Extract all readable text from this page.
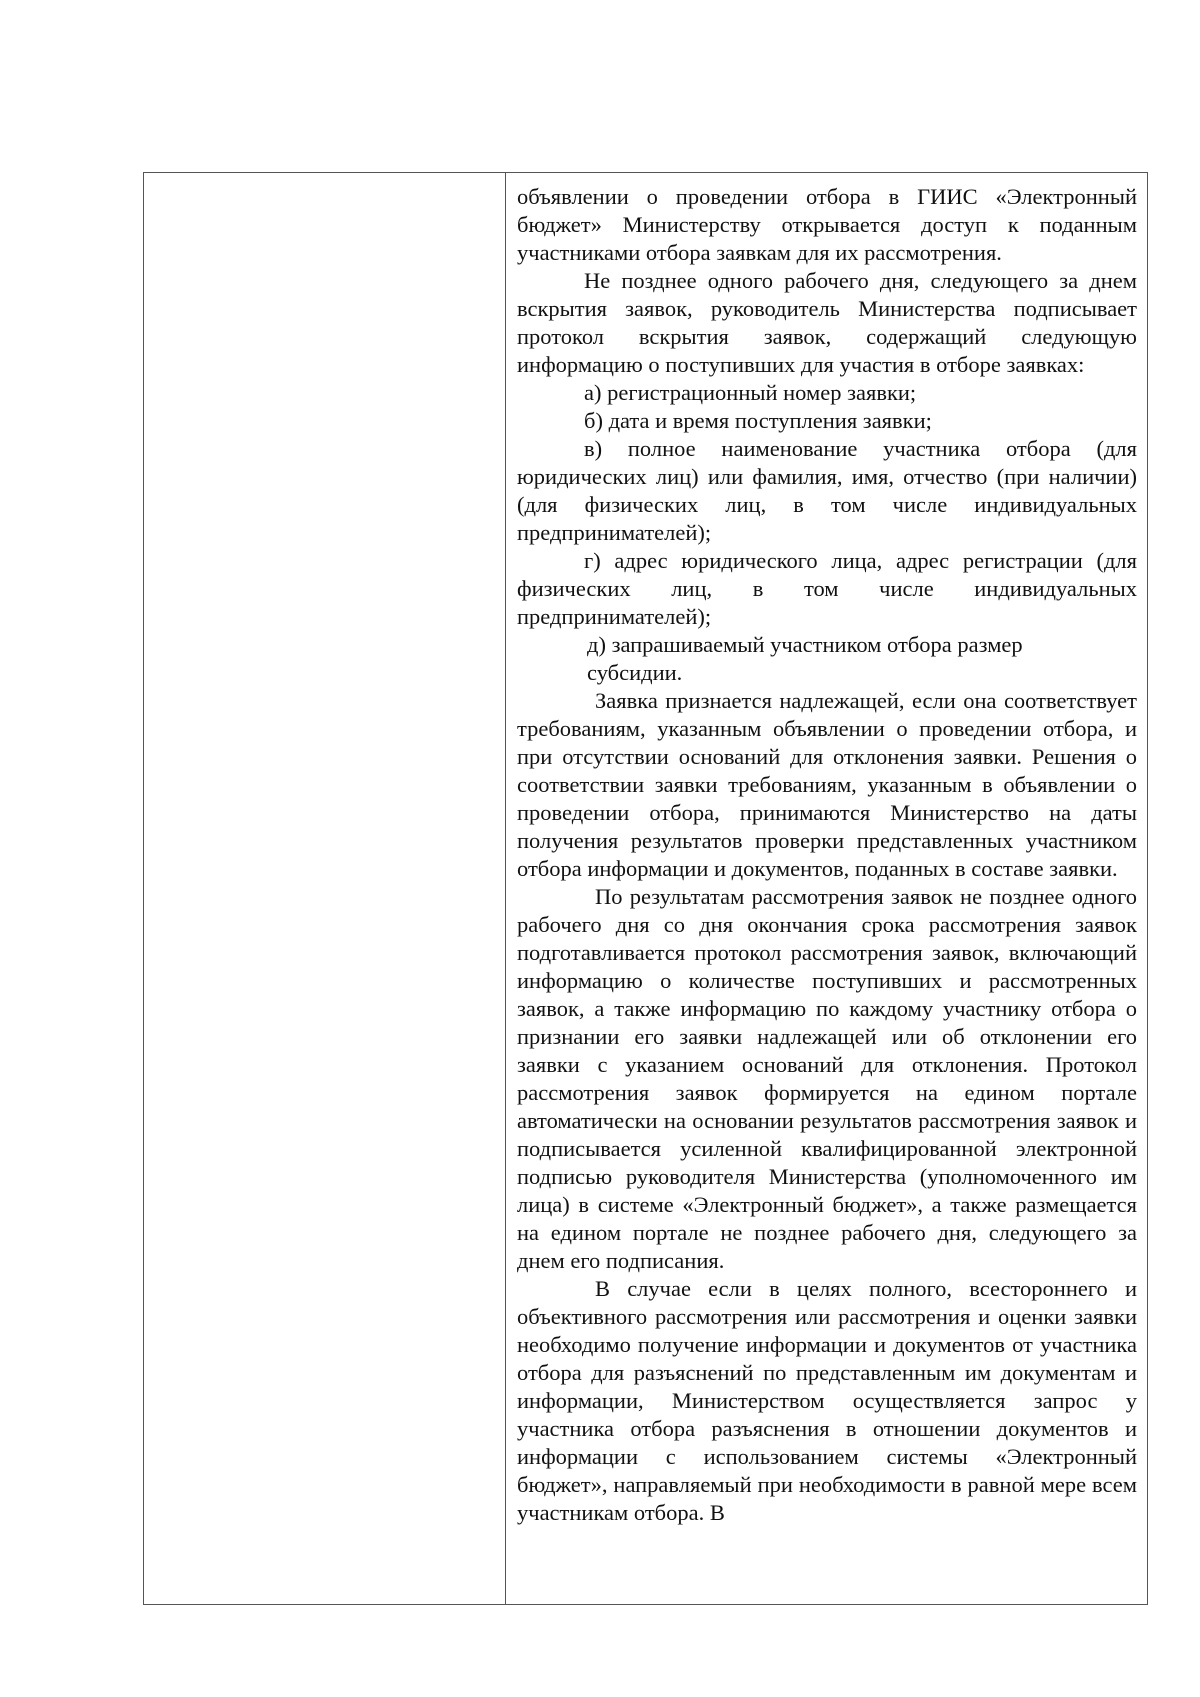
объявлении о проведении отбора в ГИИС «Электронный бюджет» Министерству открывается доступ к поданным участниками отбора заявкам для их рассмотрения.

Не позднее одного рабочего дня, следующего за днем вскрытия заявок, руководитель Министерства подписывает протокол вскрытия заявок, содержащий следующую информацию о поступивших для участия в отборе заявках:

а) регистрационный номер заявки;

б) дата и время поступления заявки;

в) полное наименование участника отбора (для юридических лиц) или фамилия, имя, отчество (при наличии) (для физических лиц, в том числе индивидуальных предпринимателей);

г) адрес юридического лица, адрес регистрации (для физических лиц, в том числе индивидуальных предпринимателей);

д) запрашиваемый участником отбора размер субсидии.

Заявка признается надлежащей, если она соответствует требованиям, указанным объявлении о проведении отбора, и при отсутствии оснований для отклонения заявки. Решения о соответствии заявки требованиям, указанным в объявлении о проведении отбора, принимаются Министерство на даты получения результатов проверки представленных участником отбора информации и документов, поданных в составе заявки.

По результатам рассмотрения заявок не позднее одного рабочего дня со дня окончания срока рассмотрения заявок подготавливается протокол рассмотрения заявок, включающий информацию о количестве поступивших и рассмотренных заявок, а также информацию по каждому участнику отбора о признании его заявки надлежащей или об отклонении его заявки с указанием оснований для отклонения. Протокол рассмотрения заявок формируется на едином портале автоматически на основании результатов рассмотрения заявок и подписывается усиленной квалифицированной электронной подписью руководителя Министерства (уполномоченного им лица) в системе «Электронный бюджет», а также размещается на едином портале не позднее рабочего дня, следующего за днем его подписания.

В случае если в целях полного, всестороннего и объективного рассмотрения или рассмотрения и оценки заявки необходимо получение информации и документов от участника отбора для разъяснений по представленным им документам и информации, Министерством осуществляется запрос у участника отбора разъяснения в отношении документов и информации с использованием системы «Электронный бюджет», направляемый при необходимости в равной мере всем участникам отбора. В
